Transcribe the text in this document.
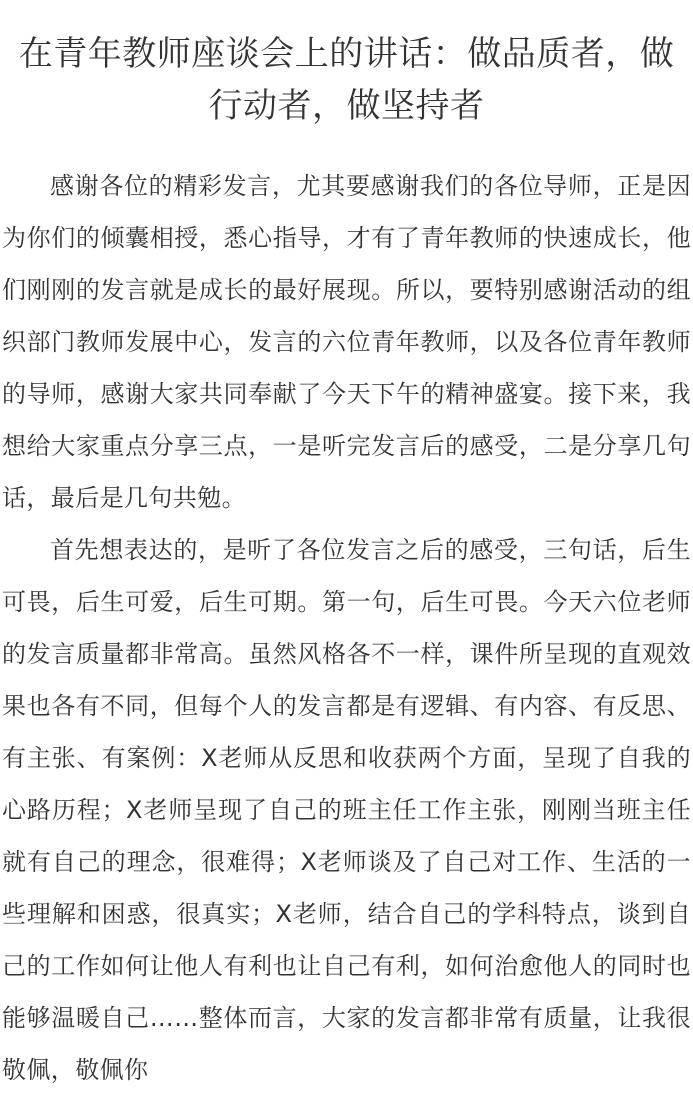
在青年教师座谈会上的讲话：做品质者，做行动者，做坚持者

感谢各位的精彩发言，尤其要感谢我们的各位导师，正是因为你们的倾囊相授，悉心指导，才有了青年教师的快速成长，他们刚刚的发言就是成长的最好展现。所以，要特别感谢活动的组织部门教师发展中心，发言的六位青年教师，以及各位青年教师的导师，感谢大家共同奉献了今天下午的精神盛宴。接下来，我想给大家重点分享三点，一是听完发言后的感受，二是分享几句话，最后是几句共勉。

首先想表达的，是听了各位发言之后的感受，三句话，后生可畏，后生可爱，后生可期。第一句，后生可畏。今天六位老师的发言质量都非常高。虽然风格各不一样，课件所呈现的直观效果也各有不同，但每个人的发言都是有逻辑、有内容、有反思、有主张、有案例：X老师从反思和收获两个方面，呈现了自我的心路历程；X老师呈现了自己的班主任工作主张，刚刚当班主任就有自己的理念，很难得；X老师谈及了自己对工作、生活的一些理解和困惑，很真实；X老师，结合自己的学科特点，谈到自己的工作如何让他人有利也让自己有利，如何治愈他人的同时也能够温暖自己……整体而言，大家的发言都非常有质量，让我很敬佩，敬佩你
